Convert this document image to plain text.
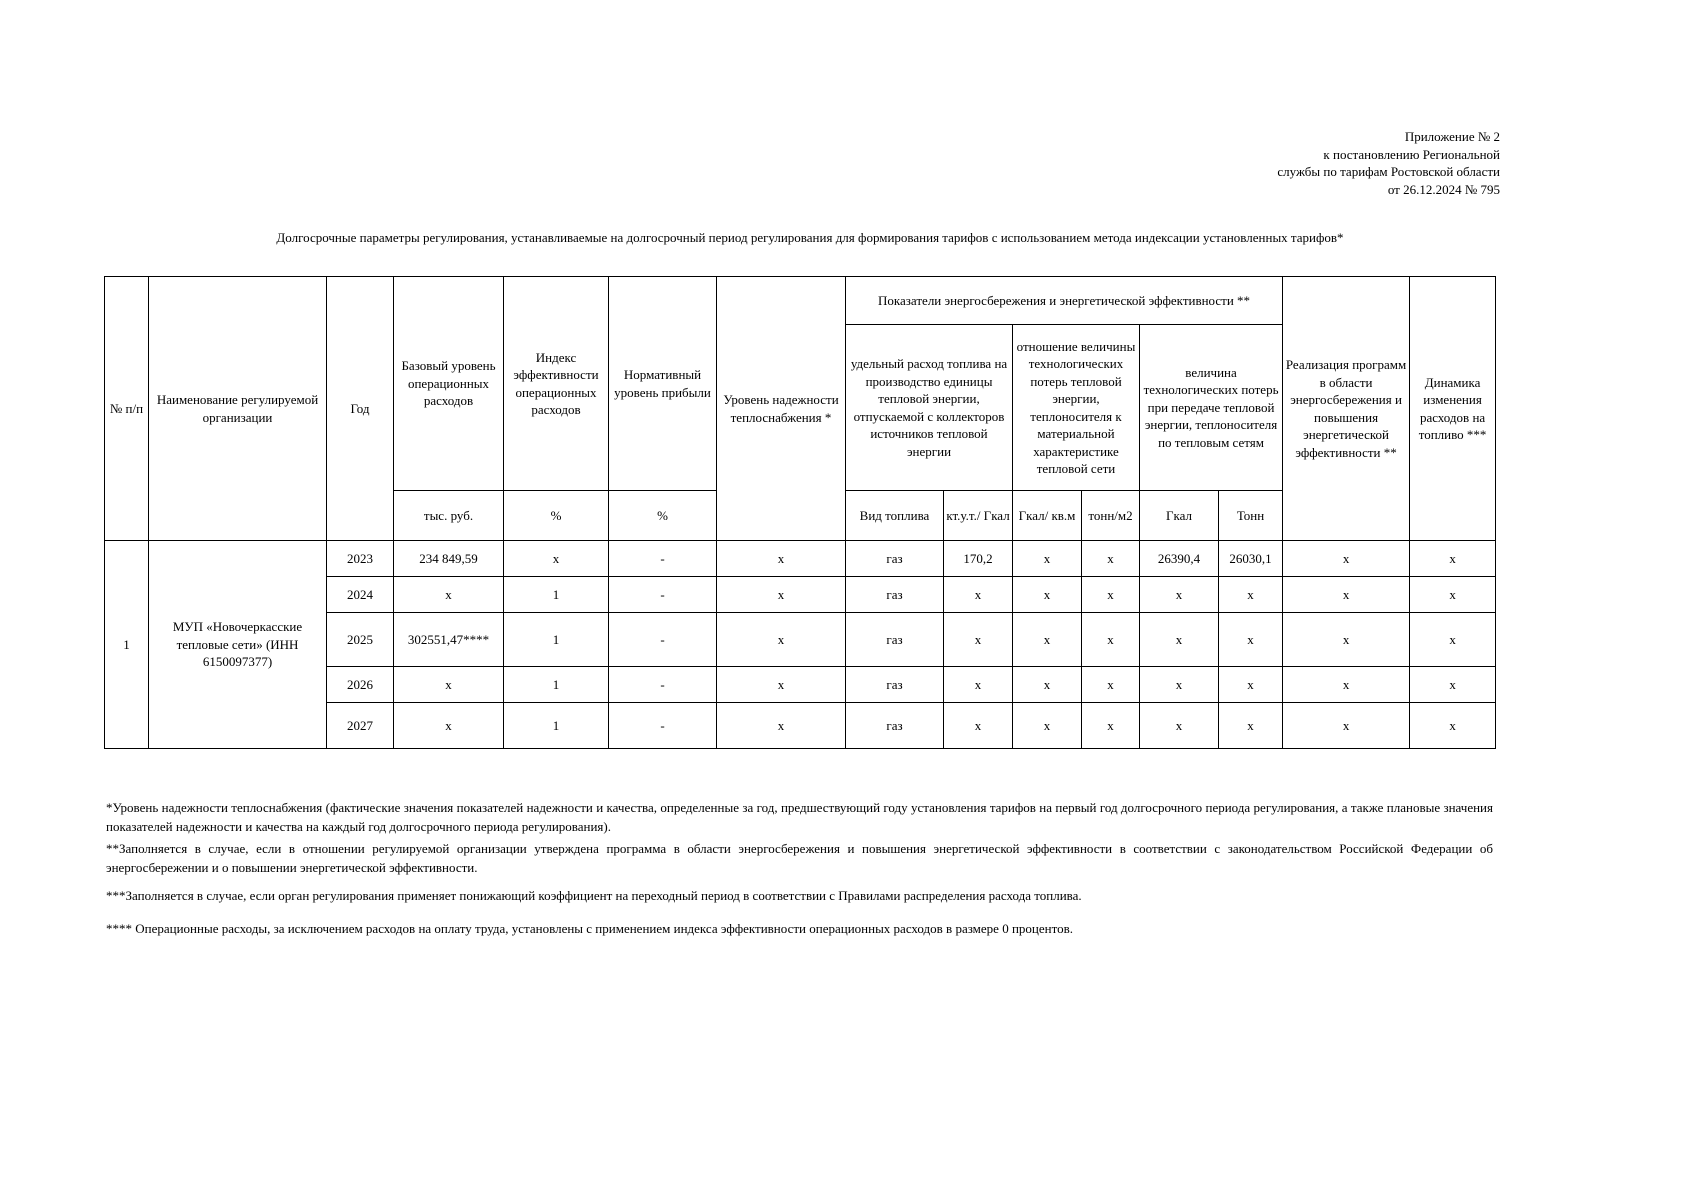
Приложение № 2
к постановлению Региональной
службы по тарифам Ростовской области
от 26.12.2024 № 795
Долгосрочные параметры регулирования, устанавливаемые на долгосрочный период регулирования для формирования тарифов с использованием метода индексации установленных тарифов*
№ п/п	Наименование регулируемой организации	Год	Базовый уровень операционных расходов	Индекс эффективности операционных расходов	Нормативный уровень прибыли	Уровень надежности теплоснабжения *	Показатели энергосбережения и энергетической эффективности **						Реализация программ в области энергосбережения и повышения энергетической эффективности **	Динамика изменения расходов на топливо ***
							удельный расход топлива на производство единицы тепловой энергии, отпускаемой с коллекторов источников тепловой энергии		отношение величины технологических потерь тепловой энергии, теплоносителя к материальной характеристике тепловой сети		величина технологических потерь при передаче тепловой энергии, теплоносителя по тепловым сетям			
			тыс. руб.	%	%		Вид топлива	кт.у.т./ Гкал	Гкал/ кв.м	тонн/м2	Гкал	Тонн		
1	МУП «Новочеркасские тепловые сети» (ИНН 6150097377)	2023	234 849,59	x	-	x	газ	170,2	x	x	26390,4	26030,1	x	x
		2024	x	1	-	x	газ	x	x	x	x	x	x	x
		2025	302551,47****	1	-	x	газ	x	x	x	x	x	x	x
		2026	x	1	-	x	газ	x	x	x	x	x	x	x
		2027	x	1	-	x	газ	x	x	x	x	x	x	x

*Уровень надежности теплоснабжения (фактические значения показателей надежности и качества, определенные за год, предшествующий году установления тарифов на первый год долгосрочного периода регулирования, а также плановые значения показателей надежности и качества на каждый год долгосрочного периода регулирования).

**Заполняется в случае, если в отношении регулируемой организации утверждена программа в области энергосбережения и повышения энергетической эффективности в соответствии с законодательством Российской Федерации об энергосбережении и о повышении энергетической эффективности.

***Заполняется в случае, если орган регулирования применяет понижающий коэффициент на переходный период в соответствии с Правилами распределения расхода топлива.

**** Операционные расходы, за исключением расходов на оплату труда, установлены с применением индекса эффективности операционных расходов в размере 0 процентов.
